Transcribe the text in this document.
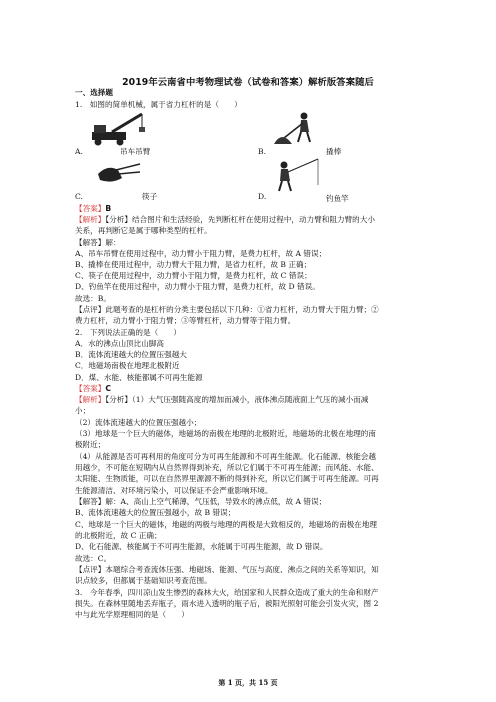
2019年云南省中考物理试卷（试卷和答案）解析版答案随后
一、选择题
1.　如图的简单机械，属于省力杠杆的是（　　）
A.	吊车吊臂	B.	撬棒
C.	筷子	D.	钓鱼竿
【答案】B
【解析】【分析】结合图片和生活经验，先判断杠杆在使用过程中，动力臂和阻力臂的大小
关系，再判断它是属于哪种类型的杠杆。
【解答】解：
A、吊车吊臂在使用过程中，动力臂小于阻力臂，是费力杠杆，故 A 错误；
B、撬棒在使用过程中，动力臂大于阻力臂，是省力杠杆，故 B 正确；
C、筷子在使用过程中，动力臂小于阻力臂，是费力杠杆，故 C 错误；
D、钓鱼竿在使用过程中，动力臂小于阻力臂，是费力杠杆，故 D 错误。
故选：B。
【点评】此题考查的是杠杆的分类主要包括以下几种：①省力杠杆，动力臂大于阻力臂；②
费力杠杆，动力臂小于阻力臂；③等臂杠杆，动力臂等于阻力臂。
2.　下列说法正确的是（　　）
A．水的沸点山顶比山脚高
B．流体流速越大的位置压强越大
C．地磁场南极在地理北极附近
D．煤、水能、核能都属不可再生能源
【答案】C
【解析】【分析】（1）大气压强随高度的增加而减小，液体沸点随液面上气压的减小而减
小；
（2）流体流速越大的位置压强越小；
（3）地球是一个巨大的磁体，地磁场的南极在地理的北极附近，地磁场的北极在地理的南
极附近；
（4）从能源是否可再利用的角度可分为可再生能源和不可再生能源。化石能源、核能会越
用越少，不可能在短期内从自然界得到补充，所以它们属于不可再生能源；而风能、水能、
太阳能、生物质能，可以在自然界里源源不断的得到补充，所以它们属于可再生能源。可再
生能源清洁、对环境污染小，可以保证不会严重影响环境。
【解答】解：A、高山上空气稀薄，气压低，导致水的沸点低，故 A 错误；
B、流体流速越大的位置压强越小，故 B 错误；
C、地球是一个巨大的磁体，地磁的两极与地理的两极是大致相反的，地磁场的南极在地理
的北极附近，故 C 正确；
D、化石能源、核能属于不可再生能源，水能属于可再生能源，故 D 错误。
故选：C。
【点评】本题综合考查流体压强、地磁场、能源、气压与高度、沸点之间的关系等知识，知
识点较多，但都属于基础知识考查范围。
3.　今年春季，四川凉山发生惨烈的森林大火，给国家和人民群众造成了重大的生命和财产
损失。在森林里随地丢弃瓶子，雨水进入透明的瓶子后，被阳光照射可能会引发火灾，图 2
中与此光学原理相同的是（　　）
第 1 页，共 15 页
